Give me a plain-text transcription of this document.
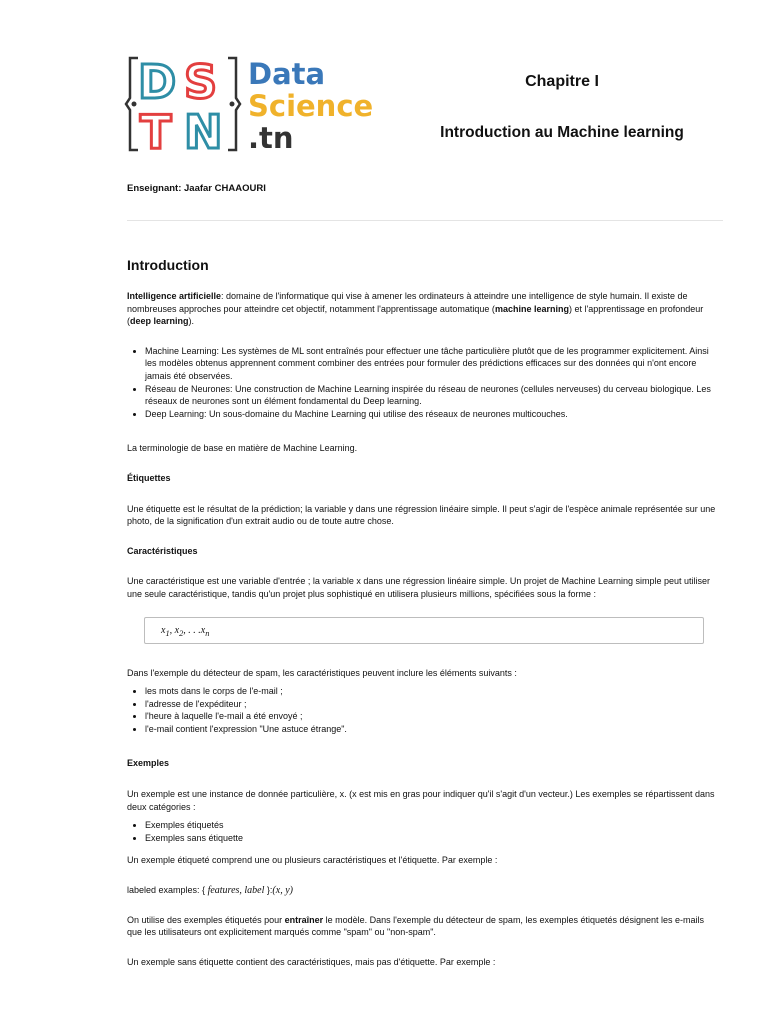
D S
T N
Data
Science
.tn
Chapitre I
Introduction au Machine learning
Enseignant: Jaafar CHAAOURI
Introduction

Intelligence artificielle: domaine de l'informatique qui vise à amener les ordinateurs à atteindre une intelligence de style humain. Il existe de nombreuses approches pour atteindre cet objectif, notamment l'apprentissage automatique (machine learning) et l'apprentissage en profondeur (deep learning).

• Machine Learning: Les systèmes de ML sont entraînés pour effectuer une tâche particulière plutôt que de les programmer explicitement. Ainsi les modèles obtenus apprennent comment combiner des entrées pour formuler des prédictions efficaces sur des données qui n'ont encore jamais été observées.
• Réseau de Neurones: Une construction de Machine Learning inspirée du réseau de neurones (cellules nerveuses) du cerveau biologique. Les réseaux de neurones sont un élément fondamental du Deep learning.
• Deep Learning: Un sous-domaine du Machine Learning qui utilise des réseaux de neurones multicouches.

La terminologie de base en matière de Machine Learning.

Étiquettes

Une étiquette est le résultat de la prédiction; la variable y dans une régression linéaire simple. Il peut s'agir de l'espèce animale représentée sur une photo, de la signification d'un extrait audio ou de toute autre chose.

Caractéristiques

Une caractéristique est une variable d'entrée ; la variable x dans une régression linéaire simple. Un projet de Machine Learning simple peut utiliser une seule caractéristique, tandis qu'un projet plus sophistiqué en utilisera plusieurs millions, spécifiées sous la forme :

$x_1$, $x_2$, . . $.x_n$

Dans l'exemple du détecteur de spam, les caractéristiques peuvent inclure les éléments suivants :

• les mots dans le corps de l'e-mail ;
• l'adresse de l'expéditeur ;
• l'heure à laquelle l'e-mail a été envoyé ;
• l'e-mail contient l'expression "Une astuce étrange".
Exemples

Un exemple est une instance de donnée particulière, x. (x est mis en gras pour indiquer qu'il s'agit d'un vecteur.) Les exemples se répartissent dans deux catégories :

• Exemples étiquetés
• Exemples sans étiquette

Un exemple étiqueté comprend une ou plusieurs caractéristiques et l'étiquette. Par exemple :

labeled examples: { features, label }:(x, y)

On utilise des exemples étiquetés pour entraîner le modèle. Dans l'exemple du détecteur de spam, les exemples étiquetés désignent les e-mails que les utilisateurs ont explicitement marqués comme "spam" ou "non-spam".

Un exemple sans étiquette contient des caractéristiques, mais pas d'étiquette. Par exemple :
